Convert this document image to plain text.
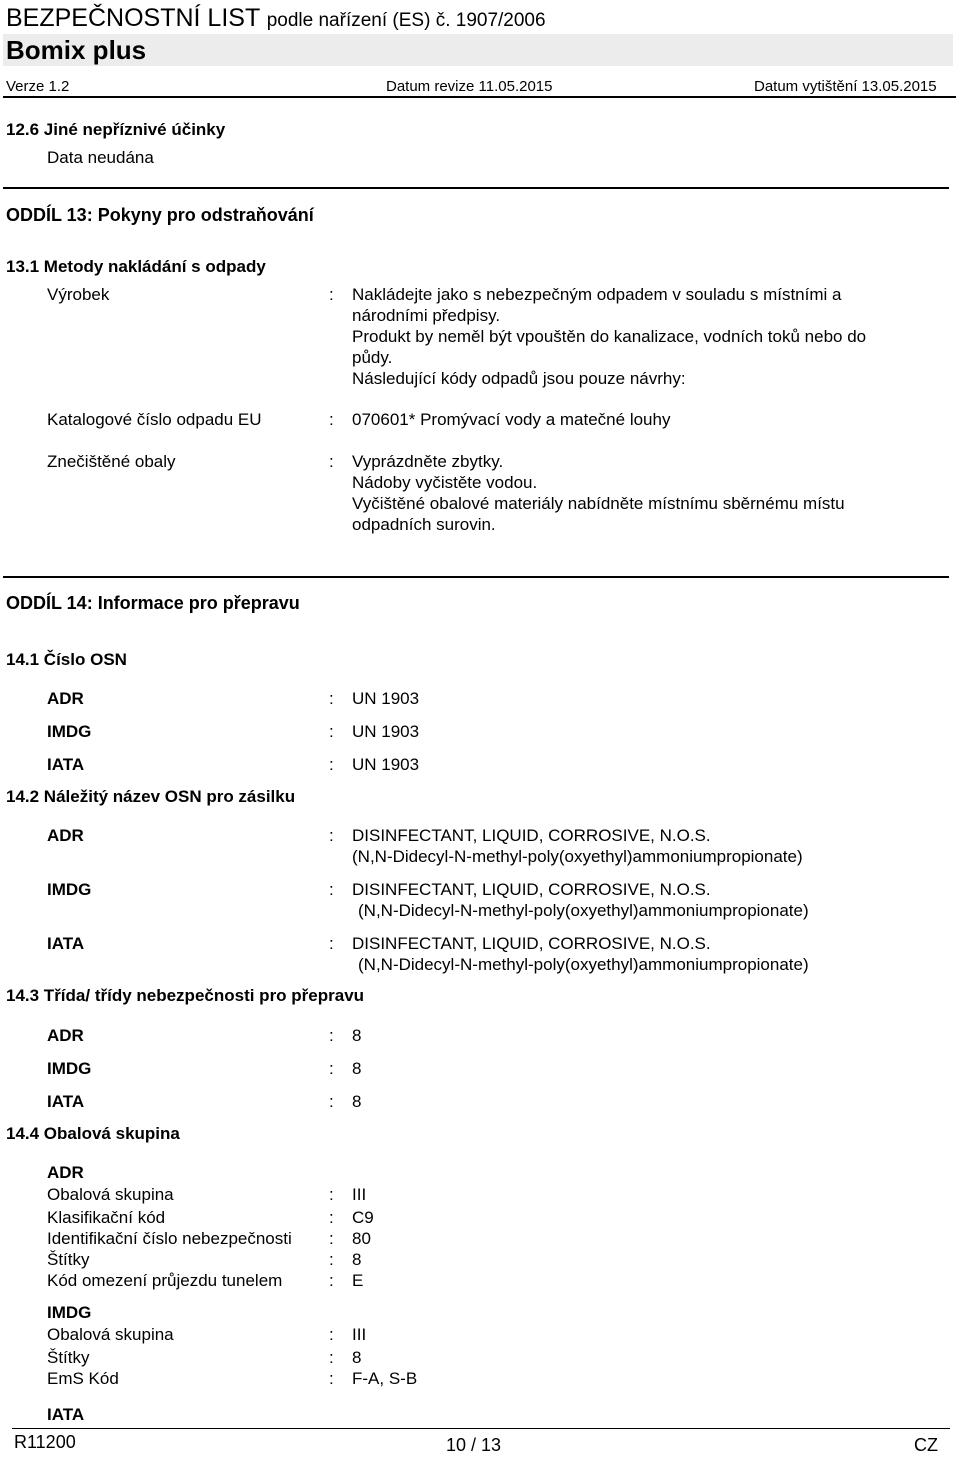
BEZPEČNOSTNÍ LIST podle nařízení (ES) č. 1907/2006
Bomix plus
Verze 1.2	Datum revize 11.05.2015	Datum vytištění 13.05.2015
12.6 Jiné nepříznivé účinky
Data neudána
ODDÍL 13: Pokyny pro odstraňování
13.1 Metody nakládání s odpady
Výrobek	: Nakládejte jako s nebezpečným odpadem v souladu s místními a

národními předpisy.

Produkt by neměl být vpouštěn do kanalizace, vodních toků nebo do

půdy.

Následující kódy odpadů jsou pouze návrhy:

Katalogové číslo odpadu EU	: 070601* Promývací vody a matečné louhy
Znečištěné obaly	: Vyprázdněte zbytky.

Nádoby vyčistěte vodou.

Vyčištěné obalové materiály nabídněte místnímu sběrnému místu

odpadních surovin.

ODDÍL 14: Informace pro přepravu
14.1 Číslo OSN
ADR	: UN 1903
IMDG	: UN 1903
IATA	: UN 1903
14.2 Náležitý název OSN pro zásilku
ADR	: DISINFECTANT, LIQUID, CORROSIVE, N.O.S.
(N,N-Didecyl-N-methyl-poly(oxyethyl)ammoniumpropionate)
IMDG	: DISINFECTANT, LIQUID, CORROSIVE, N.O.S.
(N,N-Didecyl-N-methyl-poly(oxyethyl)ammoniumpropionate)
IATA	: DISINFECTANT, LIQUID, CORROSIVE, N.O.S.
(N,N-Didecyl-N-methyl-poly(oxyethyl)ammoniumpropionate)
14.3 Třída/ třídy nebezpečnosti pro přepravu
ADR	: 8
IMDG	: 8
IATA	: 8
14.4 Obalová skupina
ADR
Obalová skupina	: III
Klasifikační kód	: C9
Identifikační číslo nebezpečnosti : 80
Štítky	: 8
Kód omezení průjezdu tunelem	: E
IMDG
Obalová skupina	: III
Štítky	: 8
EmS Kód	: F-A, S-B
IATA
R11200	10 / 13	CZ
